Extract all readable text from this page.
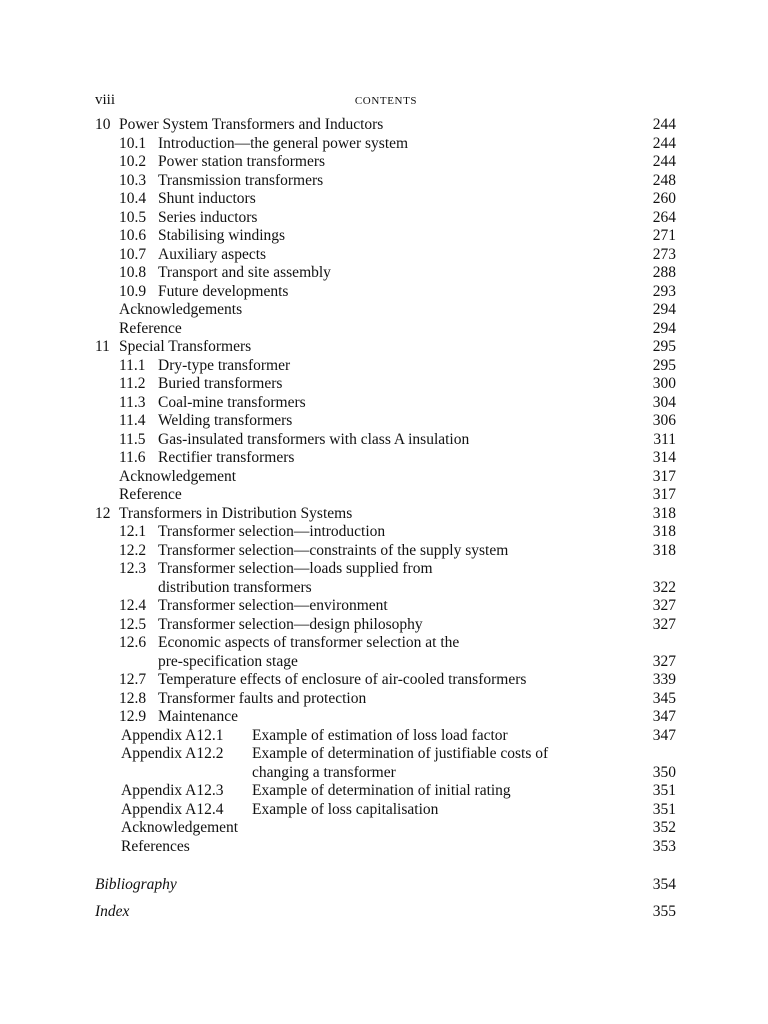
viii	CONTENTS
10 Power System Transformers and Inductors	244
10.1 Introduction—the general power system	244
10.2 Power station transformers	244
10.3 Transmission transformers	248
10.4 Shunt inductors	260
10.5 Series inductors	264
10.6 Stabilising windings	271
10.7 Auxiliary aspects	273
10.8 Transport and site assembly	288
10.9 Future developments	293
Acknowledgements	294
Reference	294
11 Special Transformers	295
11.1 Dry-type transformer	295
11.2 Buried transformers	300
11.3 Coal-mine transformers	304
11.4 Welding transformers	306
11.5 Gas-insulated transformers with class A insulation	311
11.6 Rectifier transformers	314
Acknowledgement	317
Reference	317
12 Transformers in Distribution Systems	318
12.1 Transformer selection—introduction	318
12.2 Transformer selection—constraints of the supply system	318
12.3 Transformer selection—loads supplied from
distribution transformers	322
12.4 Transformer selection—environment	327
12.5 Transformer selection—design philosophy	327
12.6 Economic aspects of transformer selection at the
pre-specification stage	327
12.7 Temperature effects of enclosure of air-cooled transformers	339
12.8 Transformer faults and protection	345
12.9 Maintenance	347
Appendix A12.1 Example of estimation of loss load factor	347
Appendix A12.2 Example of determination of justifiable costs of
changing a transformer	350
Appendix A12.3 Example of determination of initial rating	351
Appendix A12.4 Example of loss capitalisation	351
Acknowledgement	352
References	353
Bibliography	354
Index	355
